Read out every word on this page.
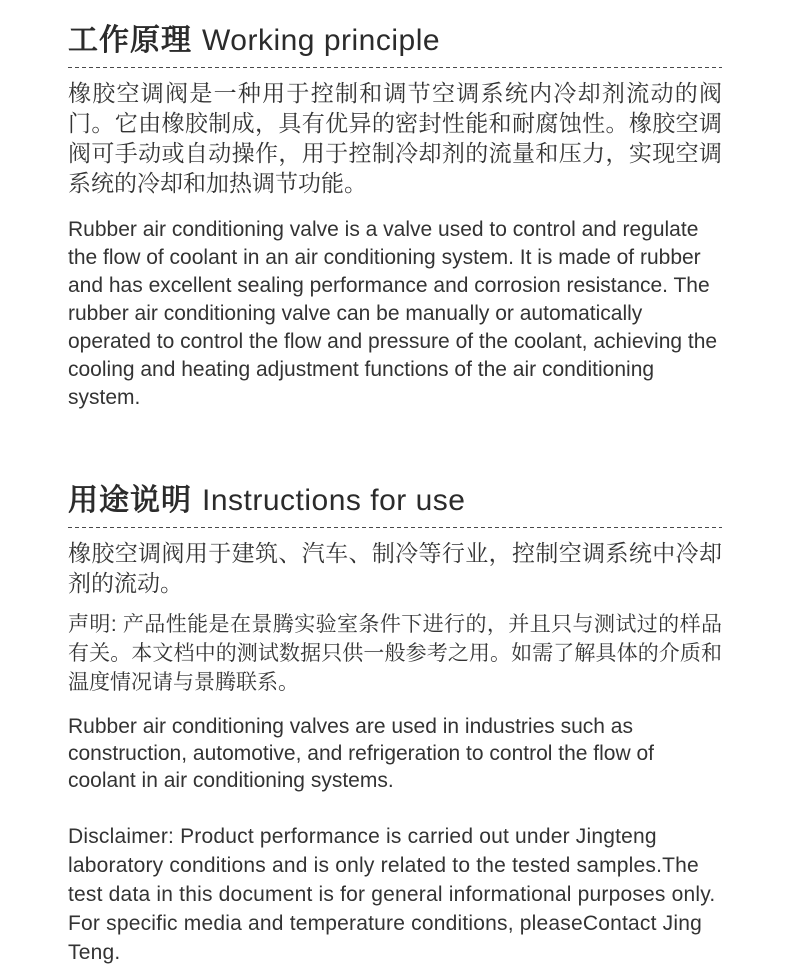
工作原理 Working principle

橡胶空调阀是一种用于控制和调节空调系统内冷却剂流动的阀门。它由橡胶制成，具有优异的密封性能和耐腐蚀性。橡胶空调阀可手动或自动操作，用于控制冷却剂的流量和压力，实现空调系统的冷却和加热调节功能。

Rubber air conditioning valve is a valve used to control and regulate the flow of coolant in an air conditioning system. It is made of rubber and has excellent sealing performance and corrosion resistance. The rubber air conditioning valve can be manually or automatically operated to control the flow and pressure of the coolant, achieving the cooling and heating adjustment functions of the air conditioning system.

用途说明 Instructions for use

橡胶空调阀用于建筑、汽车、制冷等行业，控制空调系统中冷却剂的流动。

声明: 产品性能是在景腾实验室条件下进行的，并且只与测试过的样品有关。本文档中的测试数据只供一般参考之用。如需了解具体的介质和温度情况请与景腾联系。

Rubber air conditioning valves are used in industries such as construction, automotive, and refrigeration to control the flow of coolant in air conditioning systems.

Disclaimer: Product performance is carried out under Jingteng laboratory conditions and is only related to the tested samples.The test data in this document is for general informational purposes only. For specific media and temperature conditions, pleaseContact Jing Teng.
